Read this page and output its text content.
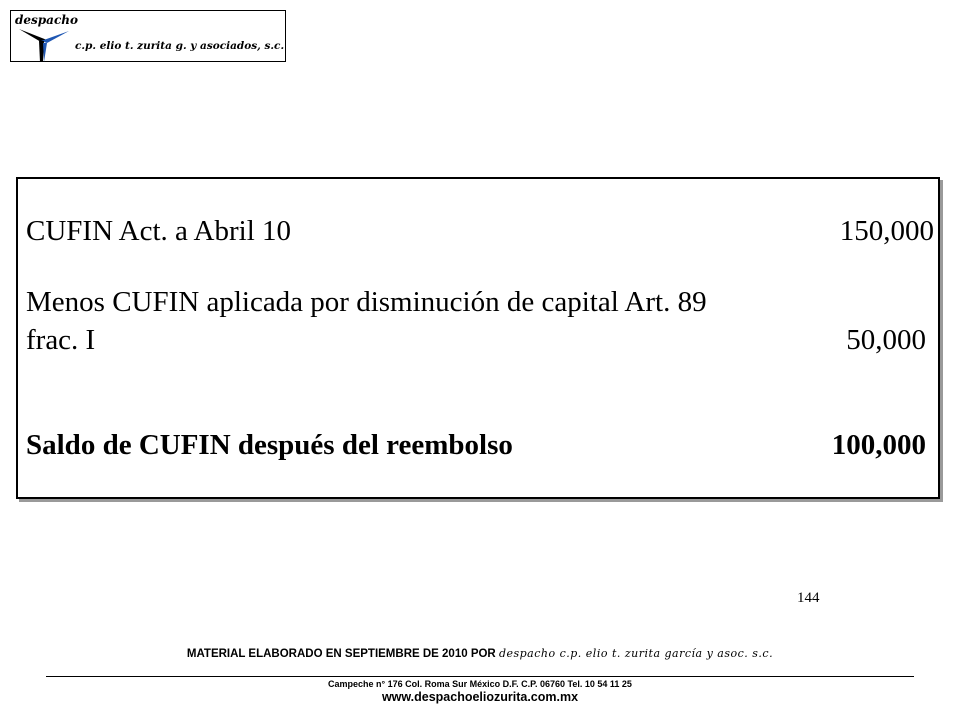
despacho
c.p. elio t. zurita g. y asociados, s.c.
CUFIN Act. a Abril 10	150,000
Menos CUFIN aplicada por disminución de capital Art. 89
frac. I	50,000
Saldo de CUFIN después del reembolso	100,000
144
MATERIAL ELABORADO EN SEPTIEMBRE DE 2010 POR despacho c.p. elio t. zurita garcía y asoc. s.c.
Campeche n° 176 Col. Roma Sur México D.F. C.P. 06760 Tel. 10 54 11 25
www.despachoeliozurita.com.mx
